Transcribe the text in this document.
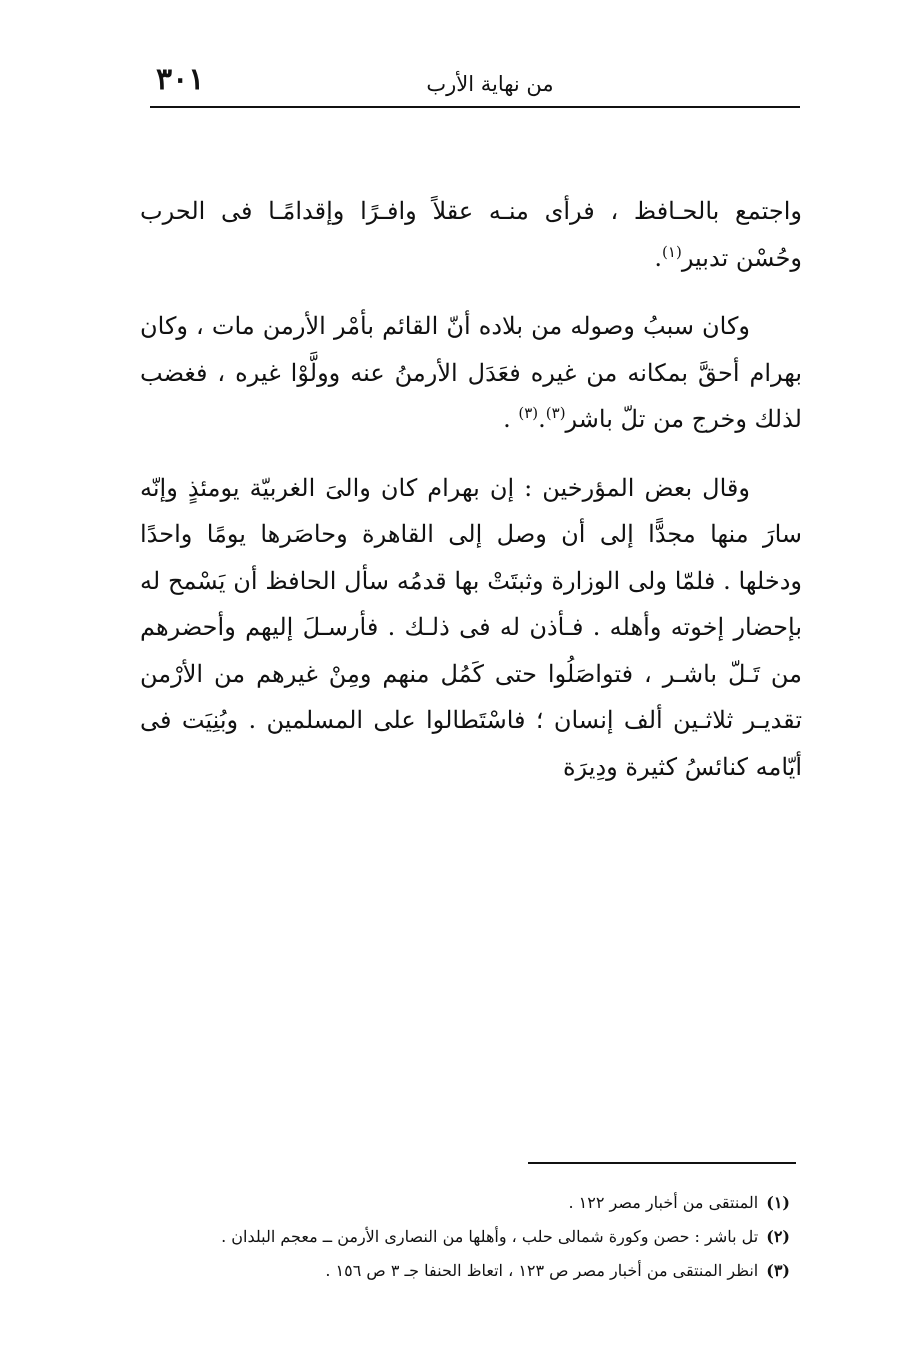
٣٠١	من نهاية الأرب

واجتمع بالحـافظ ، فرأى منـه عقلاً وافـرًا وإقدامًـا فى الحرب وحُسْن تدبير$^{(١)}$.

وكان سببُ وصوله من بلاده أنّ القائم بأمْر الأرمن مات ، وكان بهرام أحقَّ بمكانه من غيره فعَدَل الأرمنُ عنه وولَّوْا غيره ، فغضب لذلك وخرج من تلّ باشر$^{(٣)}$.$^{(٣)}$ .

وقال بعض المؤرخين : إن بهرام كان والىَ الغربيّة يومئذٍ وإنّه سارَ منها مجدًّا إلى أن وصل إلى القاهرة وحاصَرها يومًا واحدًا ودخلها . فلمّا ولى الوزارة وثبتَتْ بها قدمُه سأل الحافظ أن يَسْمح له بإحضار إخوته وأهله . فـأذن له فى ذلـك . فأرسـلَ إليهم وأحضرهم من تَـلّ باشـر ، فتواصَلُوا حتى كَمُل منهم ومِنْ غيرهم من الأرْمن تقديـر ثلاثـين ألف إنسان ؛ فاسْتَطالوا على المسلمين . وبُنِيَت فى أيّامه كنائسُ كثيرة ودِيرَة

(١)المنتقى من أخبار مصر ١٢٢ .

(٢)تل باشر : حصن وكورة شمالى حلب ، وأهلها من النصارى الأرمن ــ معجم البلدان .

(٣)انظر المنتقى من أخبار مصر ص ١٢٣ ، اتعاظ الحنفا جـ ٣ ص ١٥٦ .
